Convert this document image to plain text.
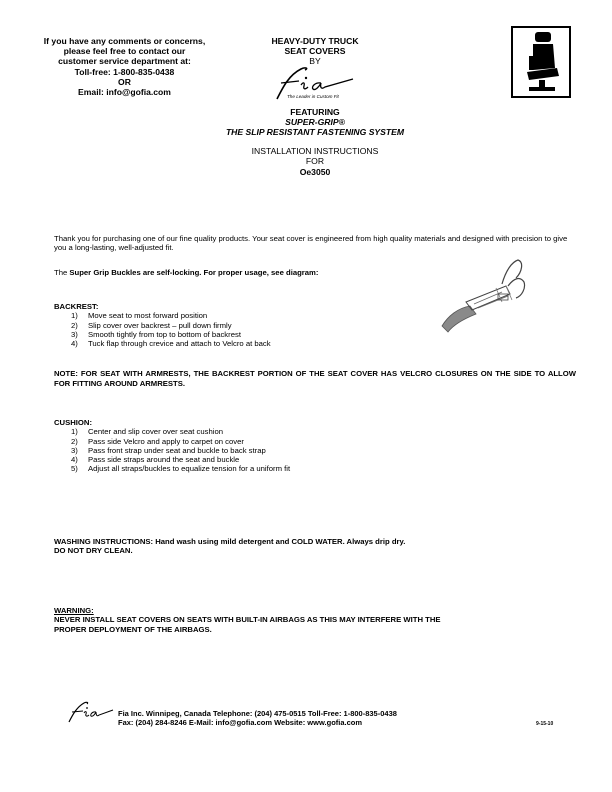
If you have any comments or concerns,
please feel free to contact our
customer service department at:
Toll-free: 1-800-835-0438
OR
Email: info@gofia.com
HEAVY-DUTY TRUCK
SEAT COVERS
BY
The Leader in Custom Fit
FEATURING
SUPER-GRIP®
THE SLIP RESISTANT FASTENING SYSTEM
INSTALLATION INSTRUCTIONS
FOR
Oe3050
Thank you for purchasing one of our fine quality products. Your seat cover is engineered from high quality materials and designed with precision to give you a long-lasting, well-adjusted fit.
The Super Grip Buckles are self-locking. For proper usage, see diagram:
BACKREST:
1) Move seat to most forward position
2) Slip cover over backrest – pull down firmly
3) Smooth tightly from top to bottom of backrest
4) Tuck flap through crevice and attach to Velcro at back
NOTE: FOR SEAT WITH ARMRESTS, THE BACKREST PORTION OF THE SEAT COVER HAS VELCRO CLOSURES ON THE SIDE TO ALLOW FOR FITTING AROUND ARMRESTS.
CUSHION:
1) Center and slip cover over seat cushion
2) Pass side Velcro and apply to carpet on cover
3) Pass front strap under seat and buckle to back strap
4) Pass side straps around the seat and buckle
5) Adjust all straps/buckles to equalize tension for a uniform fit
WASHING INSTRUCTIONS: Hand wash using mild detergent and COLD WATER. Always drip dry.
DO NOT DRY CLEAN.
WARNING:
NEVER INSTALL SEAT COVERS ON SEATS WITH BUILT-IN AIRBAGS AS THIS MAY INTERFERE WITH THE
PROPER DEPLOYMENT OF THE AIRBAGS.
Fia Inc. Winnipeg, Canada Telephone: (204) 475-0515 Toll-Free: 1-800-835-0438
Fax: (204) 284-8246 E-Mail: info@gofia.com Website: www.gofia.com	9-15-10
